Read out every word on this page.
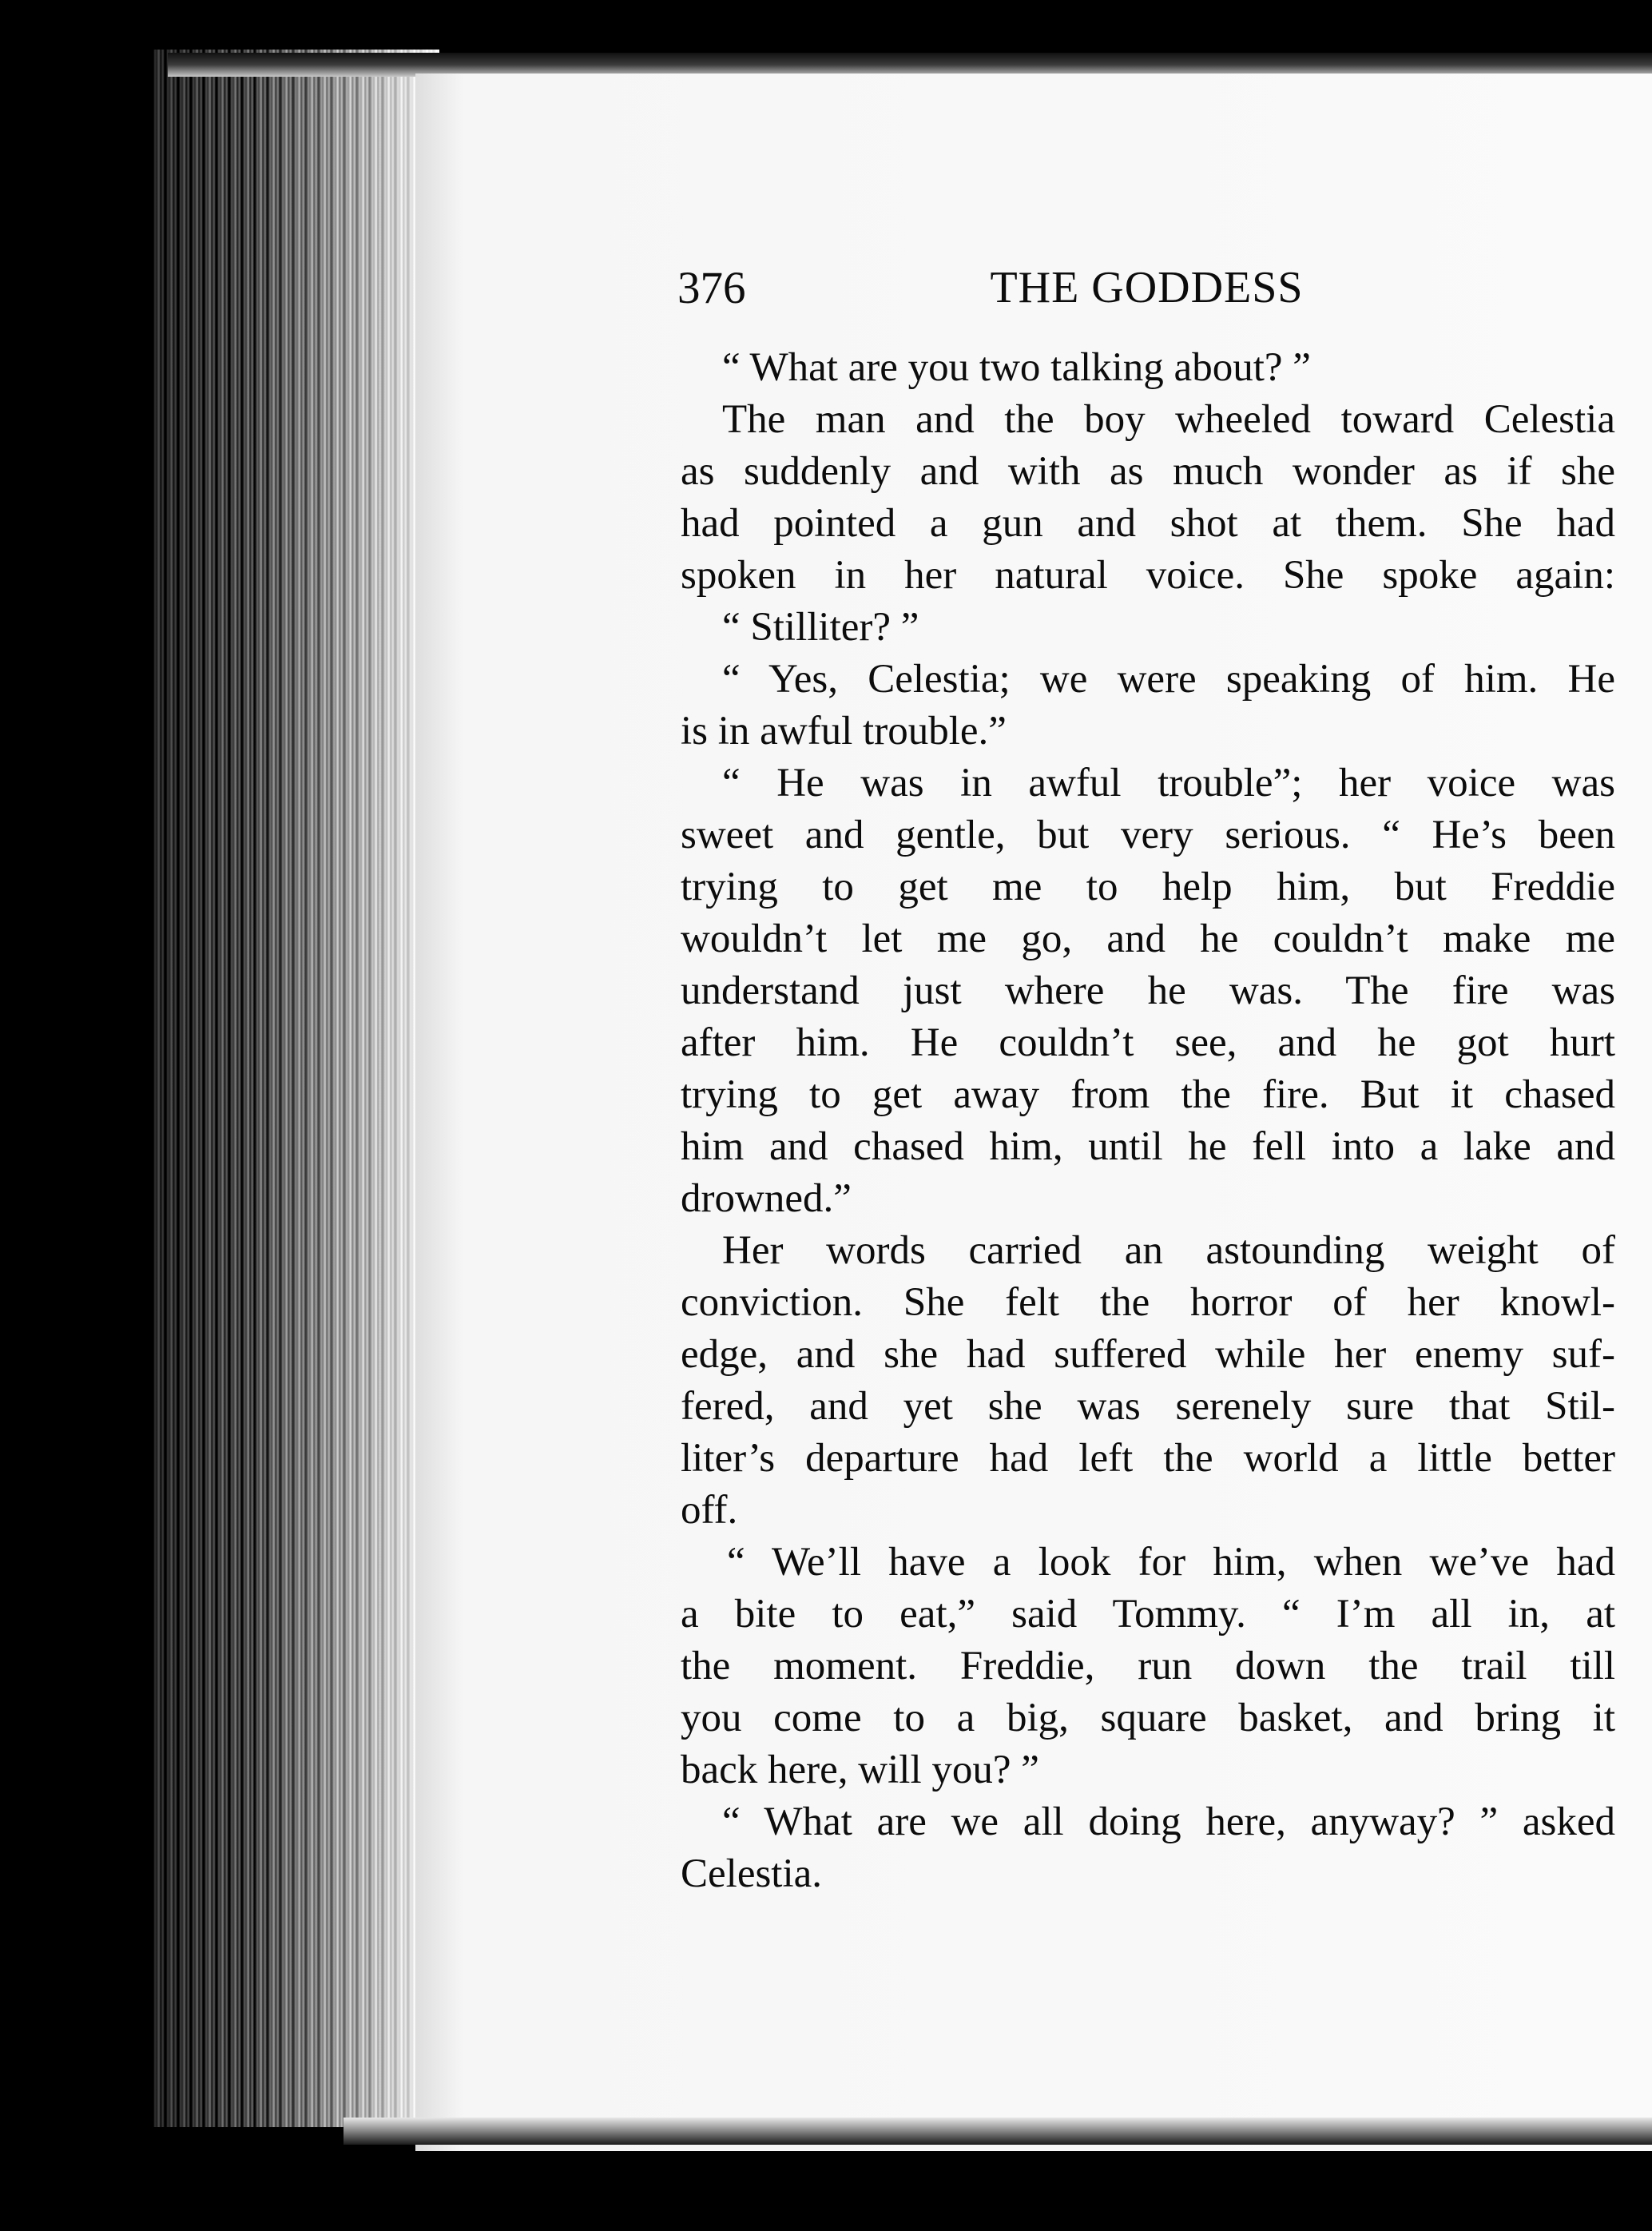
376	THE GODDESS
“ What are you two talking about? ”
The man and the boy wheeled toward Celestia
as suddenly and with as much wonder as if she
had pointed a gun and shot at them. She had
spoken in her natural voice. She spoke again:
“ Stilliter? ”
“ Yes, Celestia; we were speaking of him. He
is in awful trouble.”
“ He was in awful trouble”; her voice was
sweet and gentle, but very serious. “ He’s been
trying to get me to help him, but Freddie
wouldn’t let me go, and he couldn’t make me
understand just where he was. The fire was
after him. He couldn’t see, and he got hurt
trying to get away from the fire. But it chased
him and chased him, until he fell into a lake and
drowned.”
Her words carried an astounding weight of
conviction. She felt the horror of her knowl-
edge, and she had suffered while her enemy suf-
fered, and yet she was serenely sure that Stil-
liter’s departure had left the world a little better
off.
“ We’ll have a look for him, when we’ve had
a bite to eat,” said Tommy. “ I’m all in, at
the moment. Freddie, run down the trail till
you come to a big, square basket, and bring it
back here, will you? ”
“ What are we all doing here, anyway? ” asked
Celestia.
